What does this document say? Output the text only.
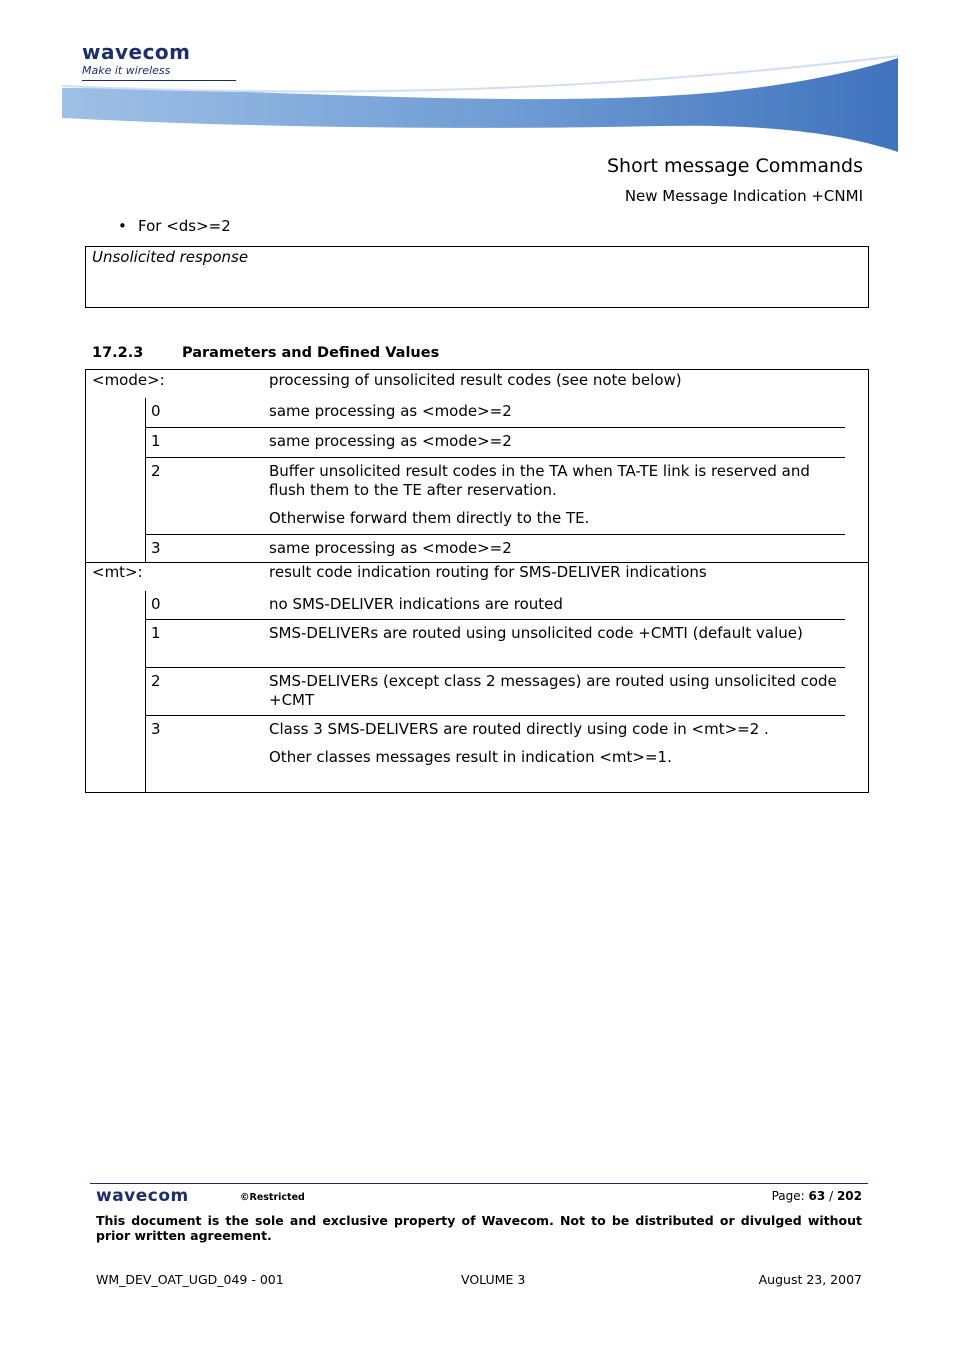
wavecom
Make it wireless
Short message Commands
New Message Indication +CNMI
• For <ds>=2
Unsolicited response
17.2.3	Parameters and Defined Values
<mode>:	processing of unsolicited result codes (see note below)
0	same processing as <mode>=2

1	same processing as <mode>=2

2	Buffer unsolicited result codes in the TA when TA-TE link is reserved and flush them to the TE after reservation.

Otherwise forward them directly to the TE.

3	same processing as <mode>=2

<mt>:	result code indication routing for SMS-DELIVER indications
0	no SMS-DELIVER indications are routed

1	SMS-DELIVERs are routed using unsolicited code +CMTI (default value)

2	SMS-DELIVERs (except class 2 messages) are routed using unsolicited code +CMT

3	Class 3 SMS-DELIVERS are routed directly using code in <mt>=2 .

Other classes messages result in indication <mt>=1.

wavecom	©Restricted	Page: 63 / 202
This document is the sole and exclusive property of Wavecom. Not to be distributed or divulged without prior written agreement.
WM_DEV_OAT_UGD_049 - 001	VOLUME 3	August 23, 2007
